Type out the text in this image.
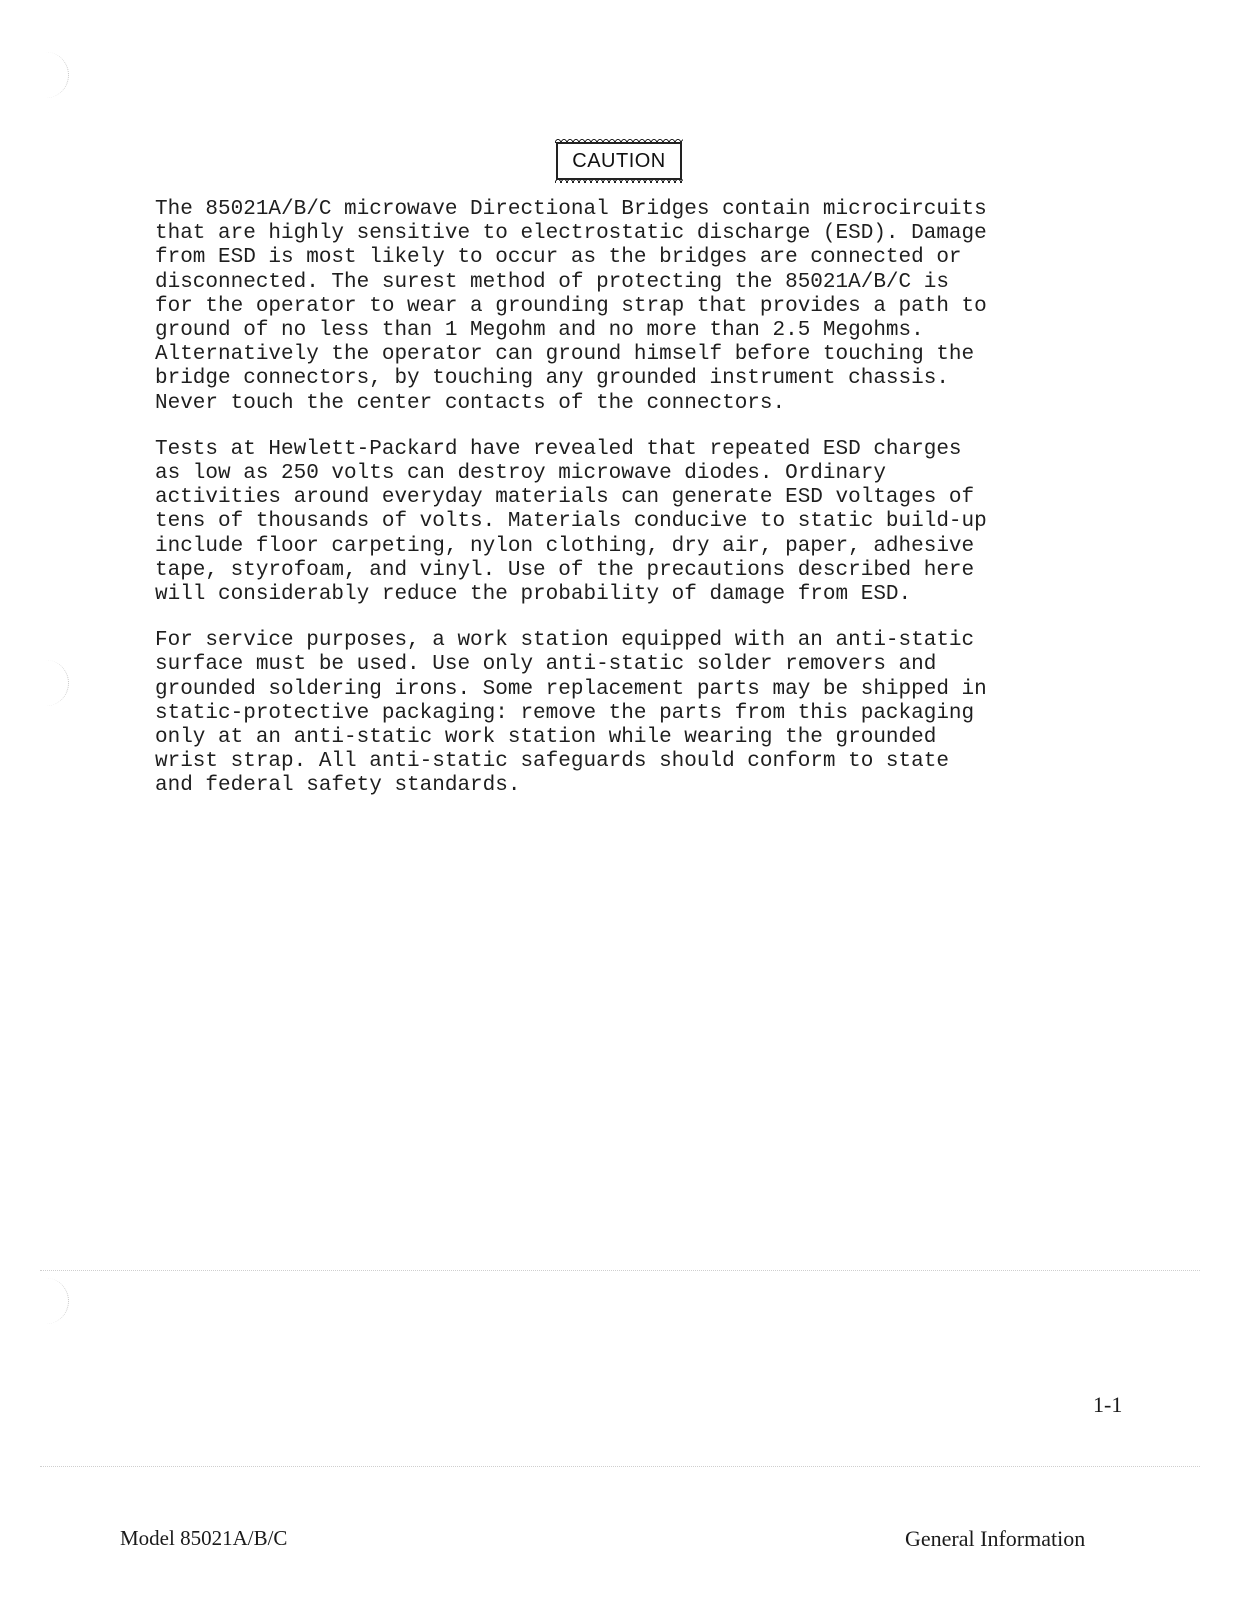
CAUTION
The 85021A/B/C microwave Directional Bridges contain microcircuits
that are highly sensitive to electrostatic discharge (ESD). Damage
from ESD is most likely to occur as the bridges are connected or
disconnected. The surest method of protecting the 85021A/B/C is
for the operator to wear a grounding strap that provides a path to
ground of no less than 1 Megohm and no more than 2.5 Megohms.
Alternatively the operator can ground himself before touching the
bridge connectors, by touching any grounded instrument chassis.
Never touch the center contacts of the connectors.
Tests at Hewlett-Packard have revealed that repeated ESD charges
as low as 250 volts can destroy microwave diodes. Ordinary
activities around everyday materials can generate ESD voltages of
tens of thousands of volts. Materials conducive to static build-up
include floor carpeting, nylon clothing, dry air, paper, adhesive
tape, styrofoam, and vinyl. Use of the precautions described here
will considerably reduce the probability of damage from ESD.
For service purposes, a work station equipped with an anti-static
surface must be used. Use only anti-static solder removers and
grounded soldering irons. Some replacement parts may be shipped in
static-protective packaging: remove the parts from this packaging
only at an anti-static work station while wearing the grounded
wrist strap. All anti-static safeguards should conform to state
and federal safety standards.
1-1
Model 85021A/B/C	General Information
